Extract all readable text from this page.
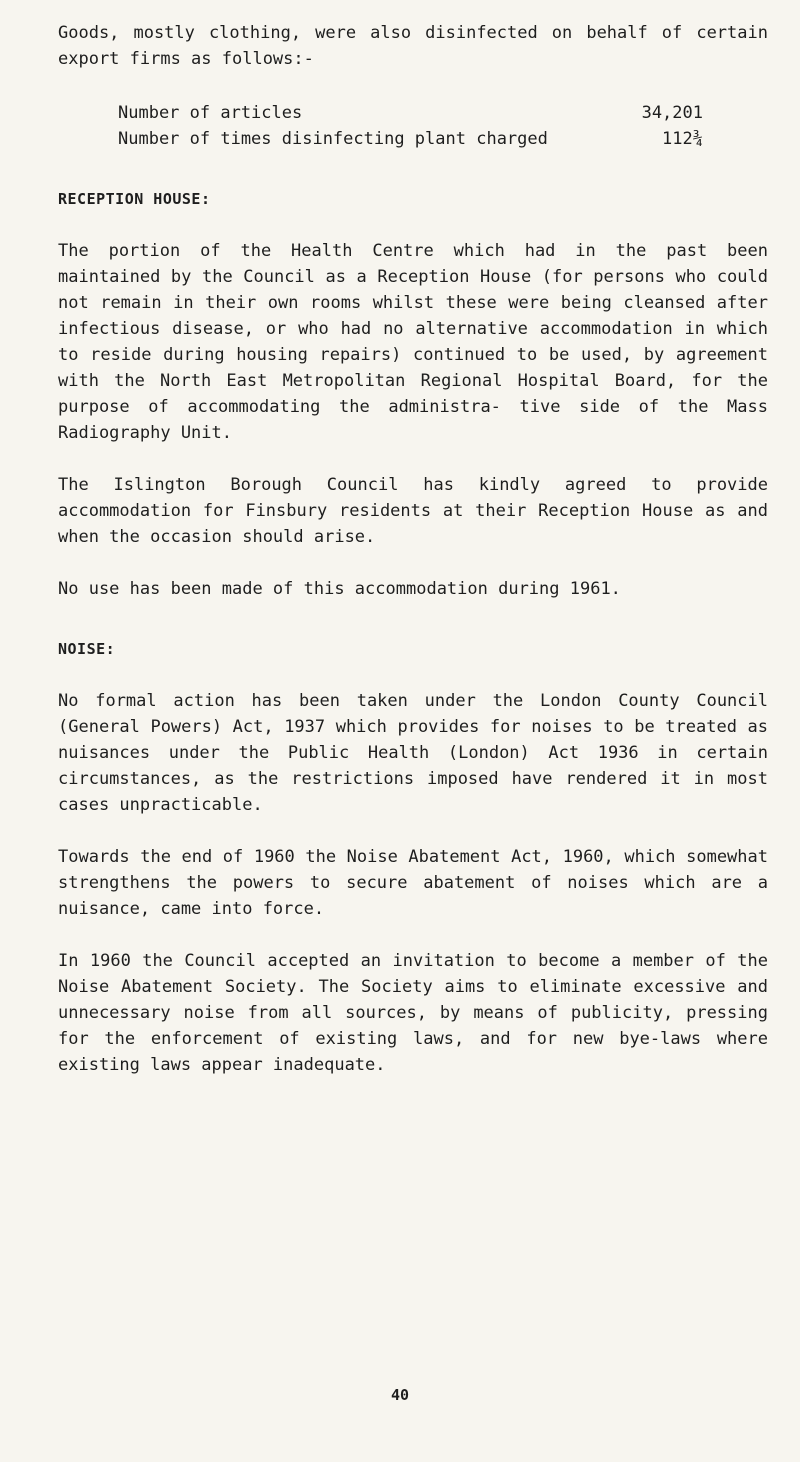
Goods, mostly clothing, were also disinfected on behalf of certain export firms as follows:-

Number of articles	34,201
Number of times disinfecting plant charged	112¾

RECEPTION HOUSE:

The portion of the Health Centre which had in the past been maintained by the Council as a Reception House (for persons who could not remain in their own rooms whilst these were being cleansed after infectious disease, or who had no alternative accommodation in which to reside during housing repairs) continued to be used, by agreement with the North East Metropolitan Regional Hospital Board, for the purpose of accommodating the administra- tive side of the Mass Radiography Unit.

The Islington Borough Council has kindly agreed to provide accommodation for Finsbury residents at their Reception House as and when the occasion should arise.

No use has been made of this accommodation during 1961.

NOISE:

No formal action has been taken under the London County Council (General Powers) Act, 1937 which provides for noises to be treated as nuisances under the Public Health (London) Act 1936 in certain circumstances, as the restrictions imposed have rendered it in most cases unpracticable.

Towards the end of 1960 the Noise Abatement Act, 1960, which somewhat strengthens the powers to secure abatement of noises which are a nuisance, came into force.

In 1960 the Council accepted an invitation to become a member of the Noise Abatement Society. The Society aims to eliminate excessive and unnecessary noise from all sources, by means of publicity, pressing for the enforcement of existing laws, and for new bye-laws where existing laws appear inadequate.

40
